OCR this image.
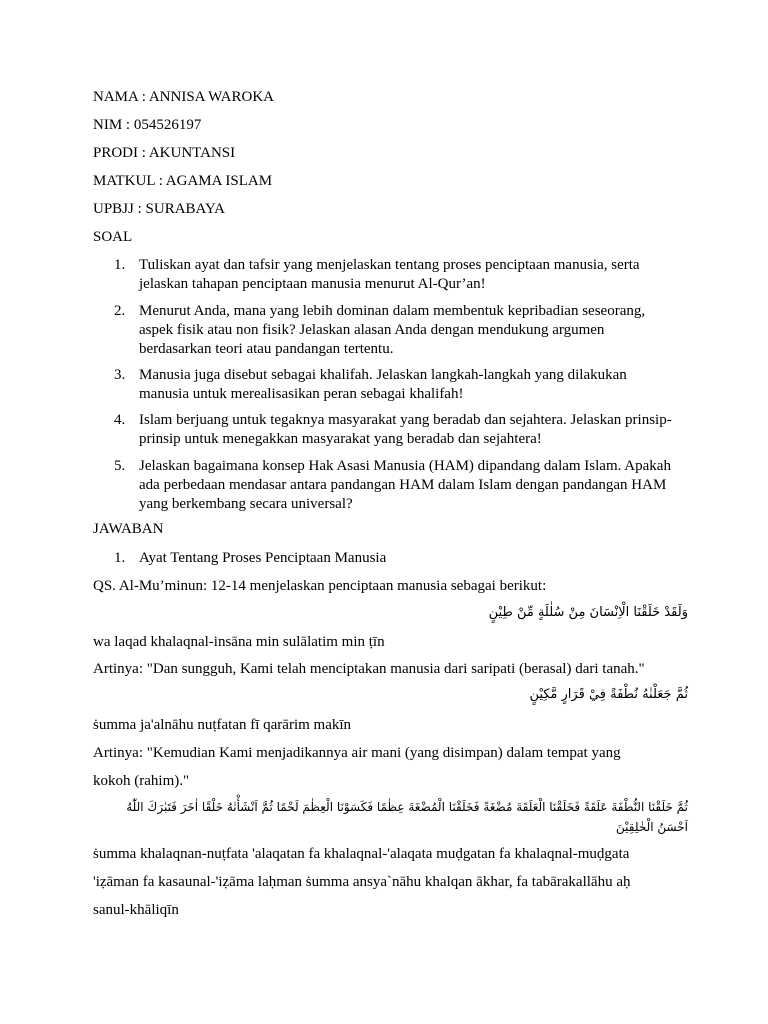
NAMA : ANNISA WAROKA
NIM : 054526197
PRODI : AKUNTANSI
MATKUL : AGAMA ISLAM
UPBJJ : SURABAYA
SOAL
1. Tuliskan ayat dan tafsir yang menjelaskan tentang proses penciptaan manusia, serta jelaskan tahapan penciptaan manusia menurut Al-Qur’an!
2. Menurut Anda, mana yang lebih dominan dalam membentuk kepribadian seseorang, aspek fisik atau non fisik? Jelaskan alasan Anda dengan mendukung argumen berdasarkan teori atau pandangan tertentu.
3. Manusia juga disebut sebagai khalifah. Jelaskan langkah-langkah yang dilakukan manusia untuk merealisasikan peran sebagai khalifah!
4. Islam berjuang untuk tegaknya masyarakat yang beradab dan sejahtera. Jelaskan prinsip-prinsip untuk menegakkan masyarakat yang beradab dan sejahtera!
5. Jelaskan bagaimana konsep Hak Asasi Manusia (HAM) dipandang dalam Islam. Apakah ada perbedaan mendasar antara pandangan HAM dalam Islam dengan pandangan HAM yang berkembang secara universal?
JAWABAN
1. Ayat Tentang Proses Penciptaan Manusia
QS. Al-Mu’minun: 12-14 menjelaskan penciptaan manusia sebagai berikut:
وَلَقَدْ خَلَقْنَا الْاِنْسَانَ مِنْ سُلٰلَةٍ مِّنْ طِيْنٍ
wa laqad khalaqnal-insāna min sulālatim min ṭīn
Artinya: "Dan sungguh, Kami telah menciptakan manusia dari saripati (berasal) dari tanah."
ثُمَّ جَعَلْنٰهُ نُطْفَةً فِيْ قَرَارٍ مَّكِيْنٍ
ṡumma ja'alnāhu nuṭfatan fī qarārim makīn
Artinya: "Kemudian Kami menjadikannya air mani (yang disimpan) dalam tempat yang
kokoh (rahim)."
ثُمَّ خَلَقْنَا النُّطْفَةَ عَلَقَةً فَخَلَقْنَا الْعَلَقَةَ مُضْغَةً فَخَلَقْنَا الْمُضْغَةَ عِظٰمًا فَكَسَوْنَا الْعِظٰمَ لَحْمًا ثُمَّ اَنْشَأْنٰهُ خَلْقًا اٰخَرَ فَتَبٰرَكَ اللّٰهُ اَحْسَنُ الْخٰلِقِيْنَ
ṡumma khalaqnan-nuṭfata 'alaqatan fa khalaqnal-'alaqata muḍgatan fa khalaqnal-muḍgata
'iẓāman fa kasaunal-'iẓāma laḥman ṡumma ansya`nāhu khalqan ākhar, fa tabārakallāhu aḥ
sanul-khāliqīn
